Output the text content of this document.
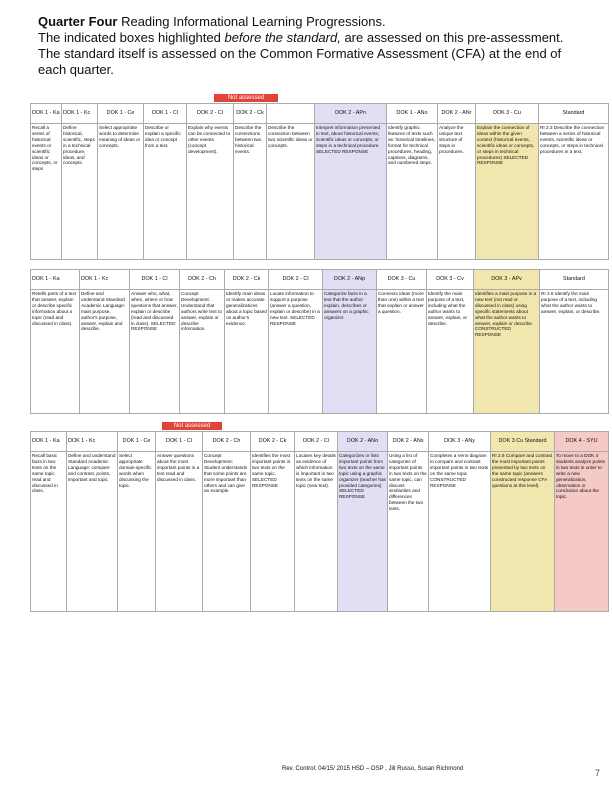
Quarter Four Reading Informational Learning Progressions.
The indicated boxes highlighted before the standard, are assessed on this pre-assessment. The standard itself is assessed on the Common Formative Assessment (CFA) at the end of each quarter.
Not assessed
DOK 1 - Ka	DOK 1 - Kc	DOK 1 - Ce	DOK 1 - Cl	DOK 2 - Cl	DOK 2 - Ck		DOK 2 - APn	DOK 1 - ANo	DOK 2 - ANr	DOK 3 - Cu	Standard
Recall a series of historical events or scientific ideas or concepts, or steps	Define historical, scientific, steps in a technical procedure, ideas, and concepts.	Select appropriate words to determine meaning of ideas or concepts.	Describe or explain a specific idea or concept from a text.	Explain why events can be connected to other events (concept development).	Describe the connections between two historical events.	Describe the connection between two scientific ideas or concepts.	Interpret information presented in text, about historical events; scientific ideas or concepts; or steps in a technical procedure. SELECTED RESPONSE	Identify graphic features of texts such as: historical timelines, format for technical procedures, heading, captions, diagrams, and numbered steps.	Analyze the unique text structure of steps in procedures.	Explain the connection of ideas within the given context (historical events, scientific ideas or concepts, or steps in technical procedures) SELECTED RESPONSE	RI 2.3 Describe the connection between a series of historical events, scientific ideas or concepts, or steps in technical procedures in a text.
DOK 1 - Ka	DOK 1 - Kc	DOK 1 - Cl	DOK 2 - Ch	DOK 2 - Ck	DOK 2 - Cl	DOK 2 - ANp	DOK 3 - Cu	DOK 3 - Cv	DOK 3 - APv	Standard
Retells parts of a text that answer, explain or describe specific information about a topic (read and discussed in class).	Define and understand Standard Academic Language: main purpose, author's purpose, answer, explain and describe.	Answer who, what, when, where or how questions that answer, explain or describe (read and discussed in class). SELECTED RESPONSE	Concept Development: Understand that authors write text to answer, explain or describe information.	Identify main ideas or makes accurate generalizations about a topic based on author's evidence.	Locate information to support a purpose (answer a question, explain or describe) in a new text. SELECTED RESPONSE	Categorize facts in a text that the author explain, describes or answers on a graphic organizer.	Connects ideas (more than one) within a text that explain or answer a question.	Identify the main purpose of a text, including what the author wants to answer, explain, or describe.	Identifies a main purpose in a new text (not read or discussed in class) using specific statements about what the author wants to answer, explain or describe. CONSTRUCTED RESPONSE	RI 2.6 Identify the main purpose of a text, including what the author wants to answer, explain, or describe.
Not assessed
DOK 1 - Ka	DOK 1 - Kc	DOK 1 - Ce	DOK 1 - Cl	DOK 2 - Ch	DOK 2 - Ck	DOK 2 - Cl	DOK 2 - ANo	DOK 2 - ANs	DOK 3 - ANy	DOK 3 Cu Standard	DOK 4 - SYU
Recall basic facts in two texts on the same topic read and discussed in class.	Define and understand Standard Academic Language: compare and contrast, points, important and topic	Select appropriate domain-specific words when discussing the topic.	Answer questions about the most important points in a text read and discussed in class.	Concept Development: Student understands that some points are more important than others and can give an example.	Identifies the most important points in two texts on the same topic. SELECTED RESPONSE	Locates key details as evidence of which information is important in two texts on the same topic (new text).	Categorizes or lists important points from two texts on the same topic using a graphic organizer (teacher has provided categories) SELECTED RESPONSE	Using a list of categories of important points in two texts on the same topic, can discuss similarities and differences between the two texts.	Completes a Venn diagram to compare and contrast important points in two texts on the same topic. CONSTRUCTED RESPONSE	RI 2.9 Compare and contrast the most important points presented by two texts on the same topic (answers constructed response CFA questions at this level).	To move to a DOK 4 students analyze points in two texts in order to write a new generalization, observation or conclusion about the topic.
Rev. Control: 04/15/ 2015 HSD – OSP , Jill Russo, Susan Richmond	7
